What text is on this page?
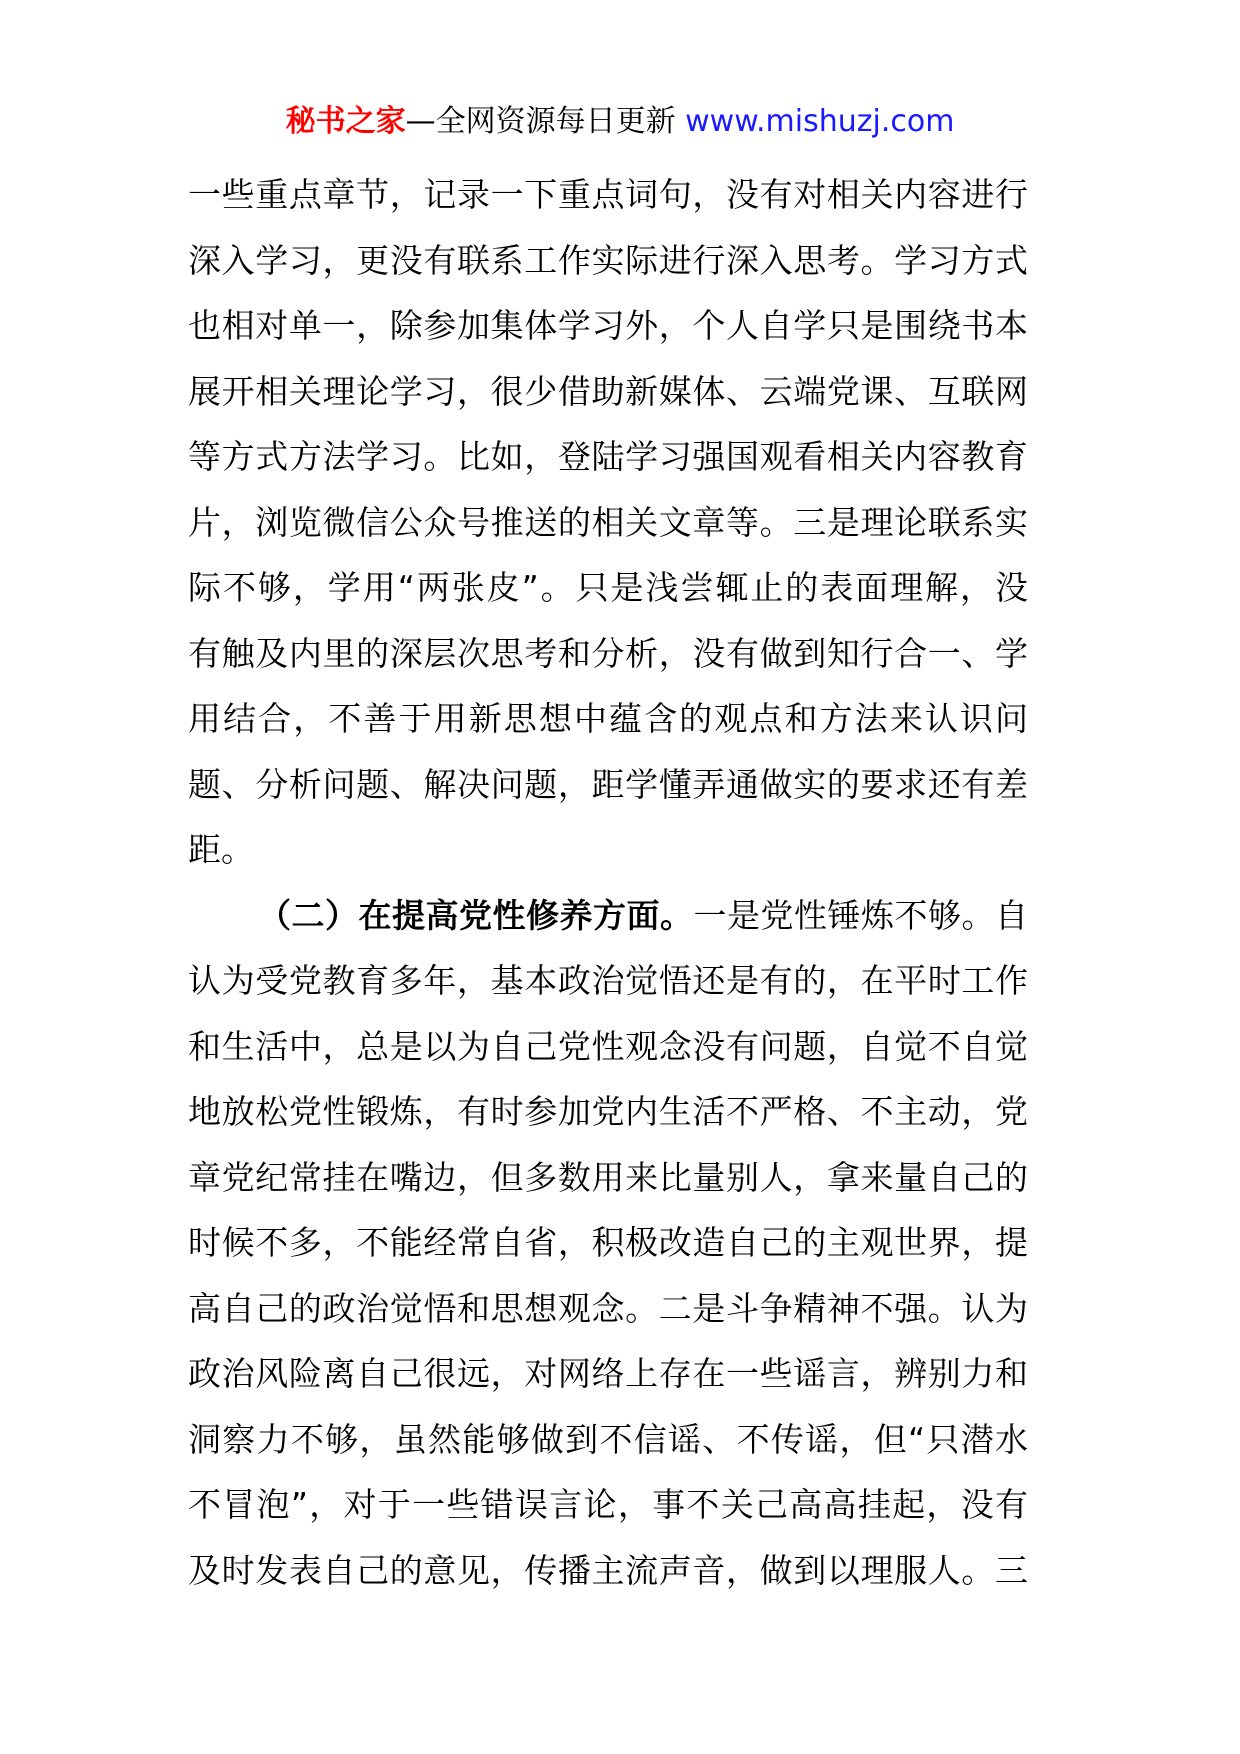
秘书之家—全网资源每日更新 www.mishuzj.com
一些重点章节，记录一下重点词句，没有对相关内容进行
深入学习，更没有联系工作实际进行深入思考。学习方式
也相对单一，除参加集体学习外，个人自学只是围绕书本
展开相关理论学习，很少借助新媒体、云端党课、互联网
等方式方法学习。比如，登陆学习强国观看相关内容教育
片，浏览微信公众号推送的相关文章等。三是理论联系实
际不够，学用“两张皮”。只是浅尝辄止的表面理解，没
有触及内里的深层次思考和分析，没有做到知行合一、学
用结合，不善于用新思想中蕴含的观点和方法来认识问
题、分析问题、解决问题，距学懂弄通做实的要求还有差
距。
（二）在提高党性修养方面。一是党性锤炼不够。自
认为受党教育多年，基本政治觉悟还是有的，在平时工作
和生活中，总是以为自己党性观念没有问题，自觉不自觉
地放松党性锻炼，有时参加党内生活不严格、不主动，党
章党纪常挂在嘴边，但多数用来比量别人，拿来量自己的
时候不多，不能经常自省，积极改造自己的主观世界，提
高自己的政治觉悟和思想观念。二是斗争精神不强。认为
政治风险离自己很远，对网络上存在一些谣言，辨别力和
洞察力不够，虽然能够做到不信谣、不传谣，但“只潜水
不冒泡”，对于一些错误言论，事不关己高高挂起，没有
及时发表自己的意见，传播主流声音，做到以理服人。三
